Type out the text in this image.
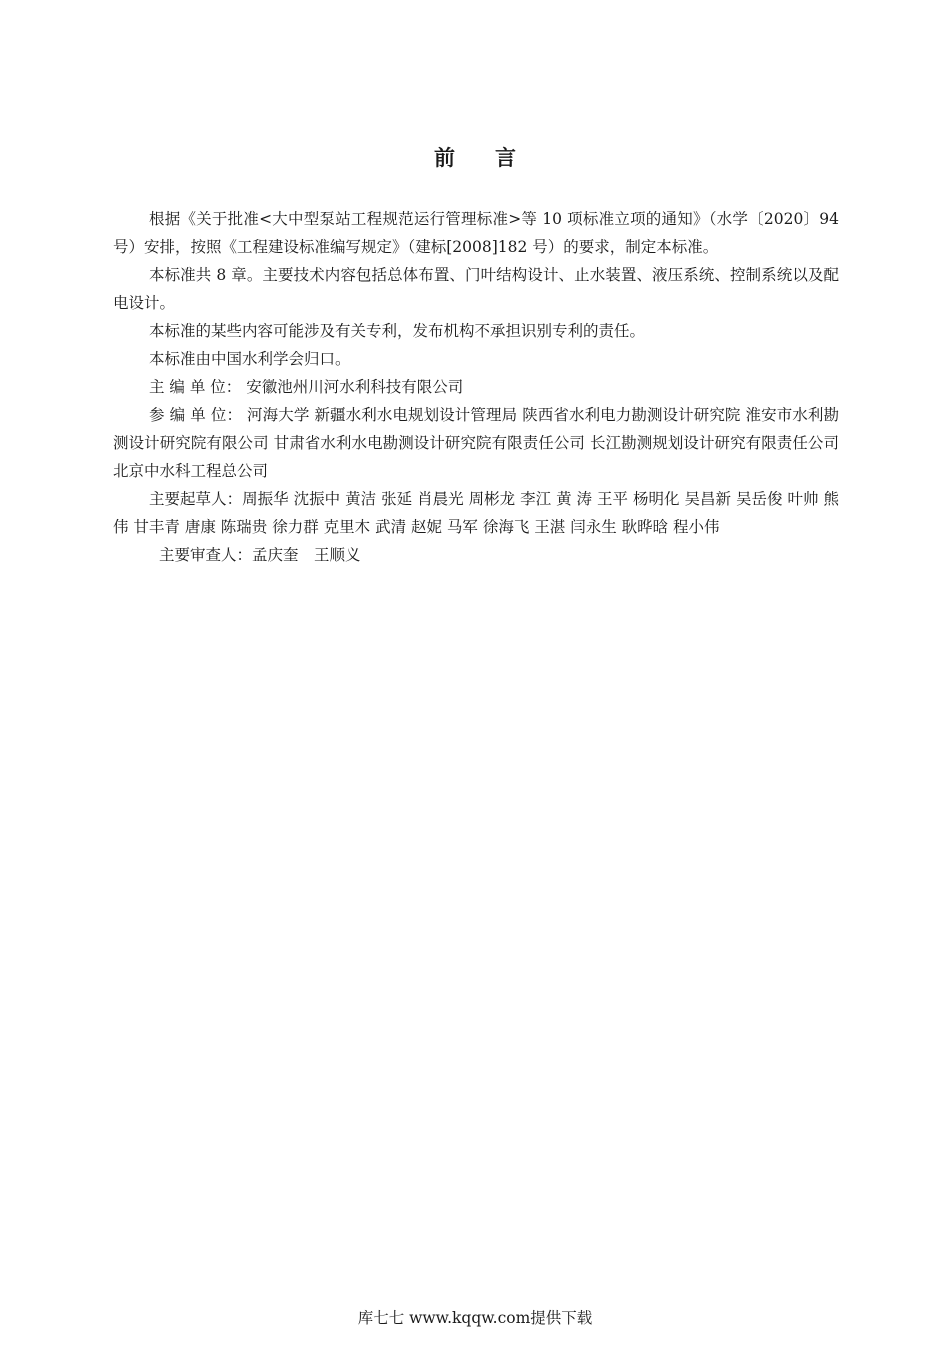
前言

根据《关于批准<大中型泵站工程规范运行管理标准>等 10 项标准立项的通知》（水学〔2020〕94 号）安排，按照《工程建设标准编写规定》（建标[2008]182 号）的要求，制定本标准。

本标准共 8 章。主要技术内容包括总体布置、门叶结构设计、止水装置、液压系统、控制系统以及配电设计。

本标准的某些内容可能涉及有关专利，发布机构不承担识别专利的责任。

本标准由中国水利学会归口。

主 编 单 位： 安徽池州川河水利科技有限公司

参 编 单 位： 河海大学 新疆水利水电规划设计管理局 陕西省水利电力勘测设计研究院 淮安市水利勘测设计研究院有限公司 甘肃省水利水电勘测设计研究院有限责任公司 长江勘测规划设计研究有限责任公司 北京中水科工程总公司

主要起草人：周振华 沈振中 黄洁 张延 肖晨光 周彬龙 李江 黄 涛 王平 杨明化 吴昌新 吴岳俊 叶帅 熊伟 甘丰青 唐康 陈瑞贵 徐力群 克里木 武清 赵妮 马军 徐海飞 王湛 闫永生 耿晔晗 程小伟

主要审查人：孟庆奎　王顺义

库七七 www.kqqw.com提供下载
